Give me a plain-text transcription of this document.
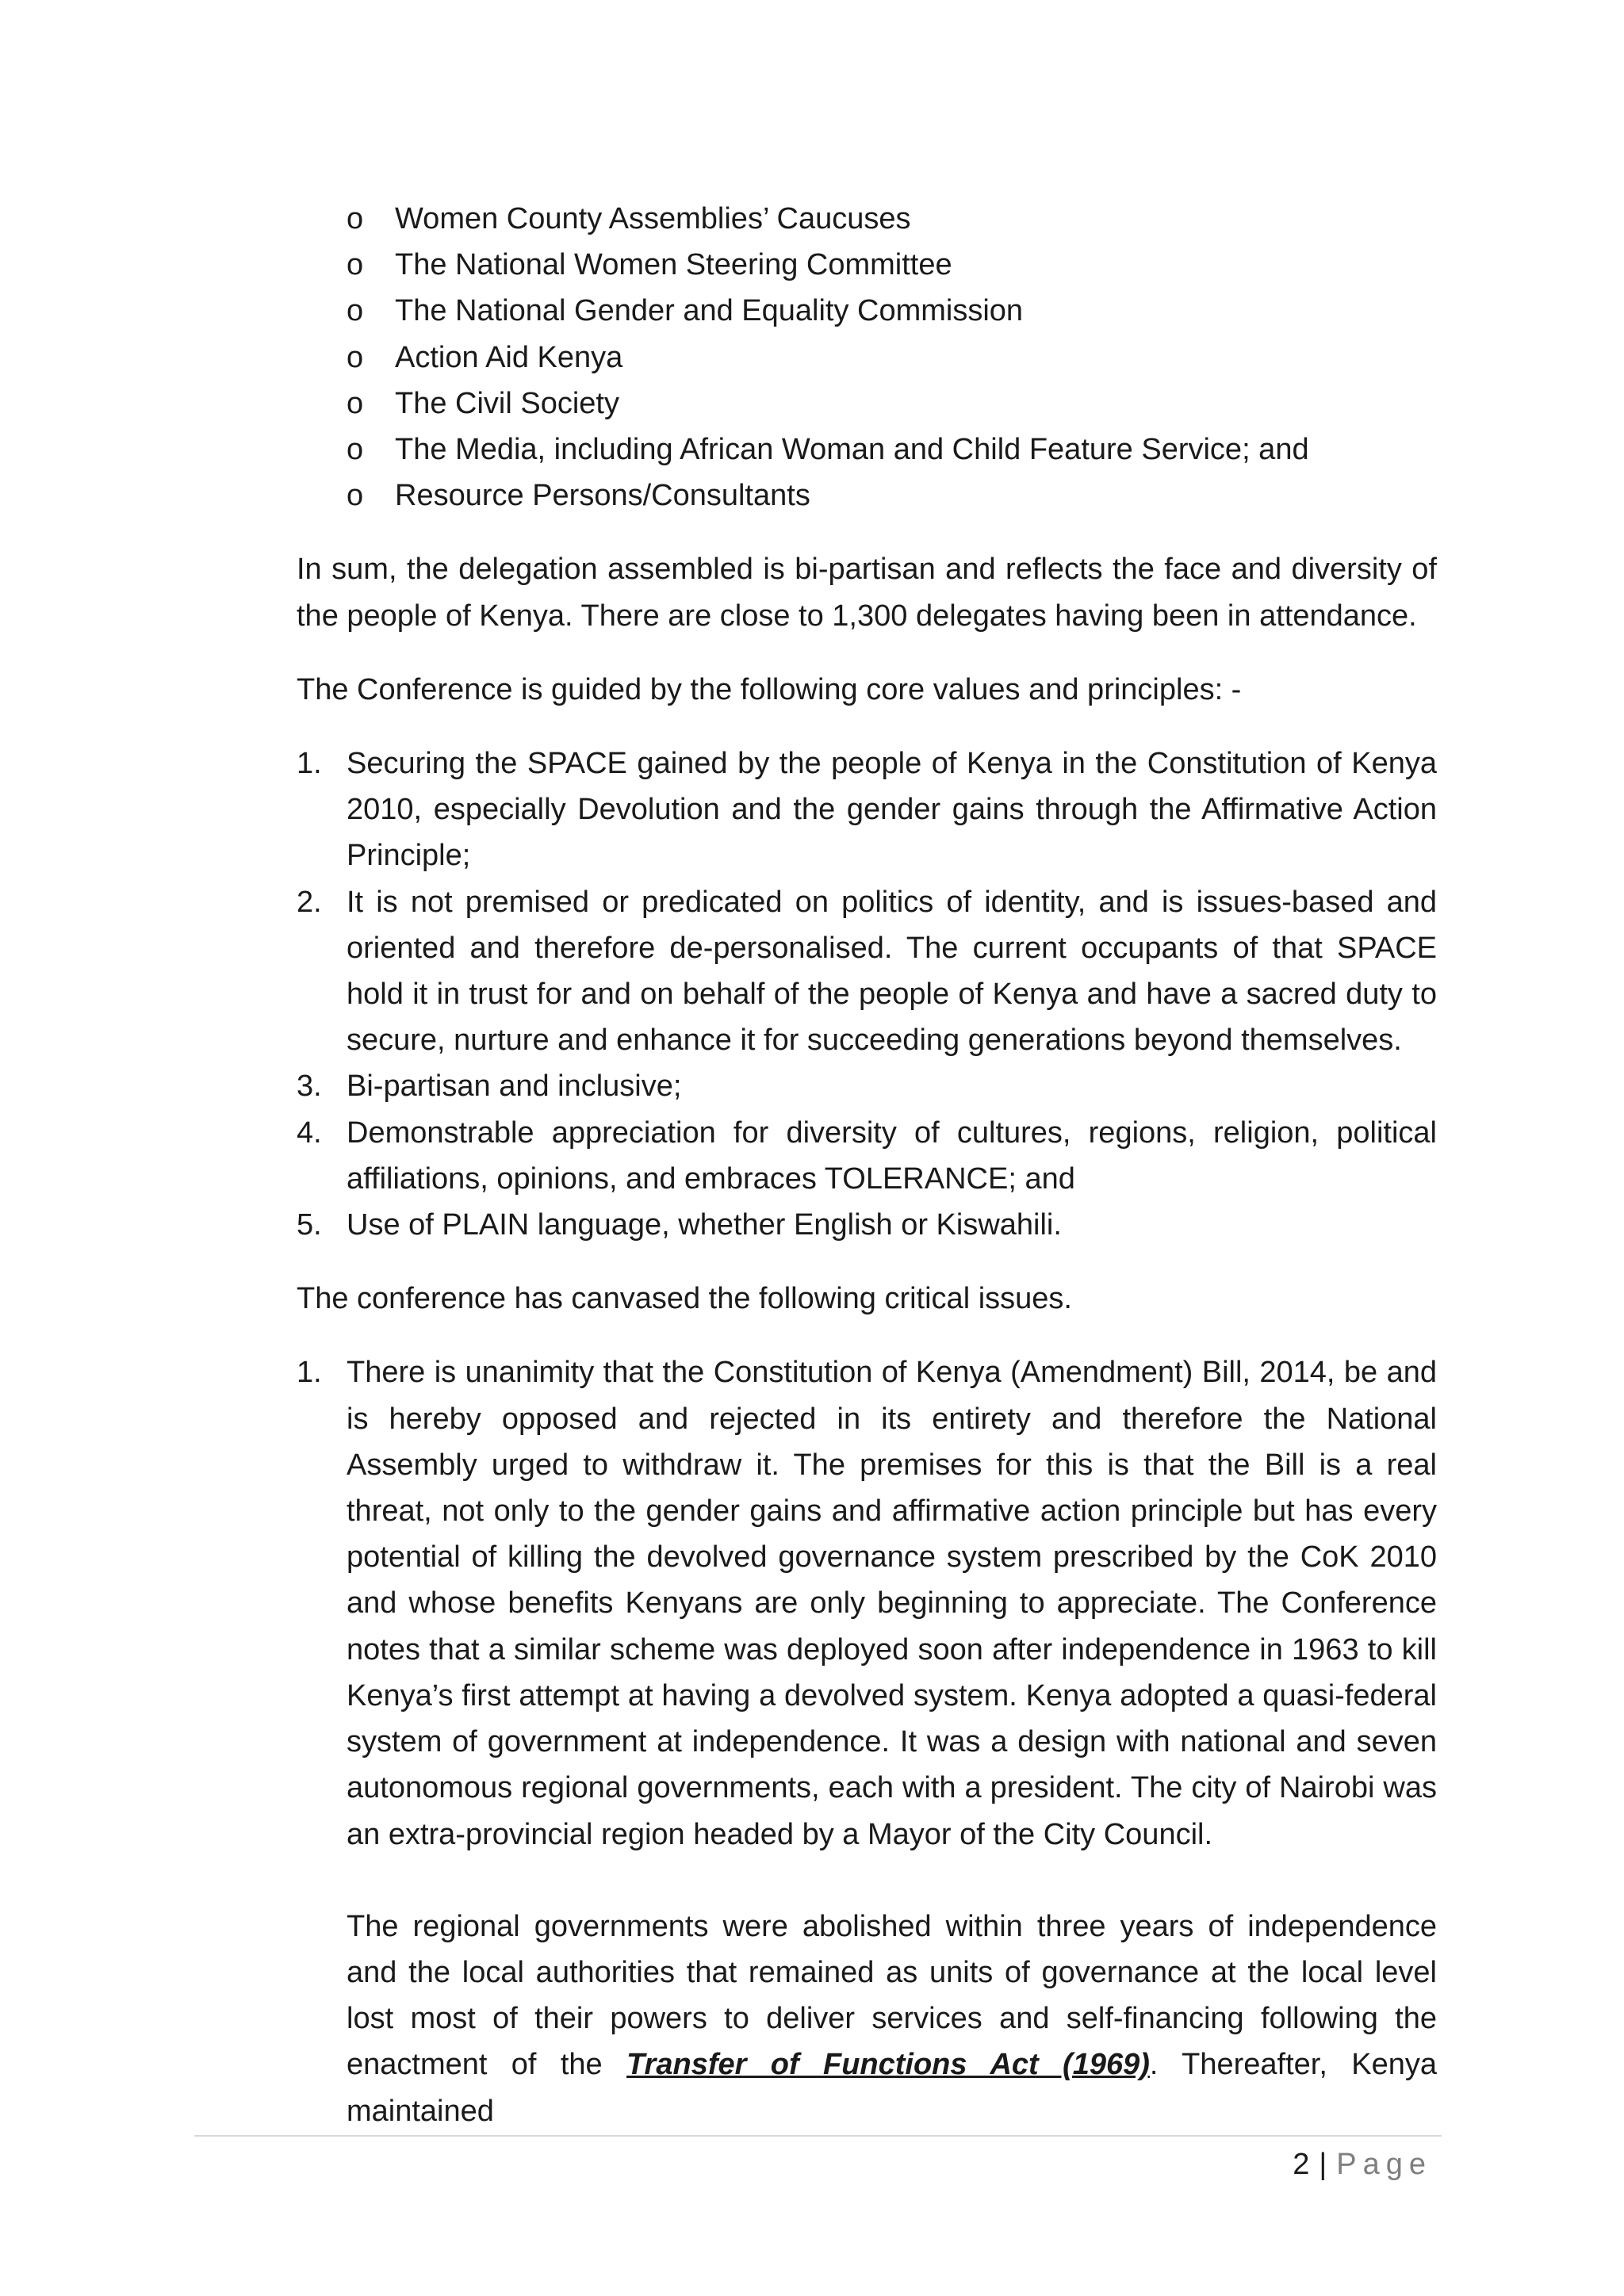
o Women County Assemblies’ Caucuses
o The National Women Steering Committee
o The National Gender and Equality Commission
o Action Aid Kenya
o The Civil Society
o The Media, including African Woman and Child Feature Service; and
o Resource Persons/Consultants

In sum, the delegation assembled is bi-partisan and reflects the face and diversity of the people of Kenya. There are close to 1,300 delegates having been in attendance.

The Conference is guided by the following core values and principles: -

1. Securing the SPACE gained by the people of Kenya in the Constitution of Kenya 2010, especially Devolution and the gender gains through the Affirmative Action Principle;
2. It is not premised or predicated on politics of identity, and is issues-based and oriented and therefore de-personalised. The current occupants of that SPACE hold it in trust for and on behalf of the people of Kenya and have a sacred duty to secure, nurture and enhance it for succeeding generations beyond themselves.
3. Bi-partisan and inclusive;
4. Demonstrable appreciation for diversity of cultures, regions, religion, political affiliations, opinions, and embraces TOLERANCE; and
5. Use of PLAIN language, whether English or Kiswahili.

The conference has canvased the following critical issues.

1. There is unanimity that the Constitution of Kenya (Amendment) Bill, 2014, be and is hereby opposed and rejected in its entirety and therefore the National Assembly urged to withdraw it. The premises for this is that the Bill is a real threat, not only to the gender gains and affirmative action principle but has every potential of killing the devolved governance system prescribed by the CoK 2010 and whose benefits Kenyans are only beginning to appreciate. The Conference notes that a similar scheme was deployed soon after independence in 1963 to kill Kenya’s first attempt at having a devolved system. Kenya adopted a quasi-federal system of government at independence. It was a design with national and seven autonomous regional governments, each with a president. The city of Nairobi was an extra-provincial region headed by a Mayor of the City Council.

The regional governments were abolished within three years of independence and the local authorities that remained as units of governance at the local level lost most of their powers to deliver services and self-financing following the enactment of the Transfer of Functions Act (1969). Thereafter, Kenya maintained

2 | Page
